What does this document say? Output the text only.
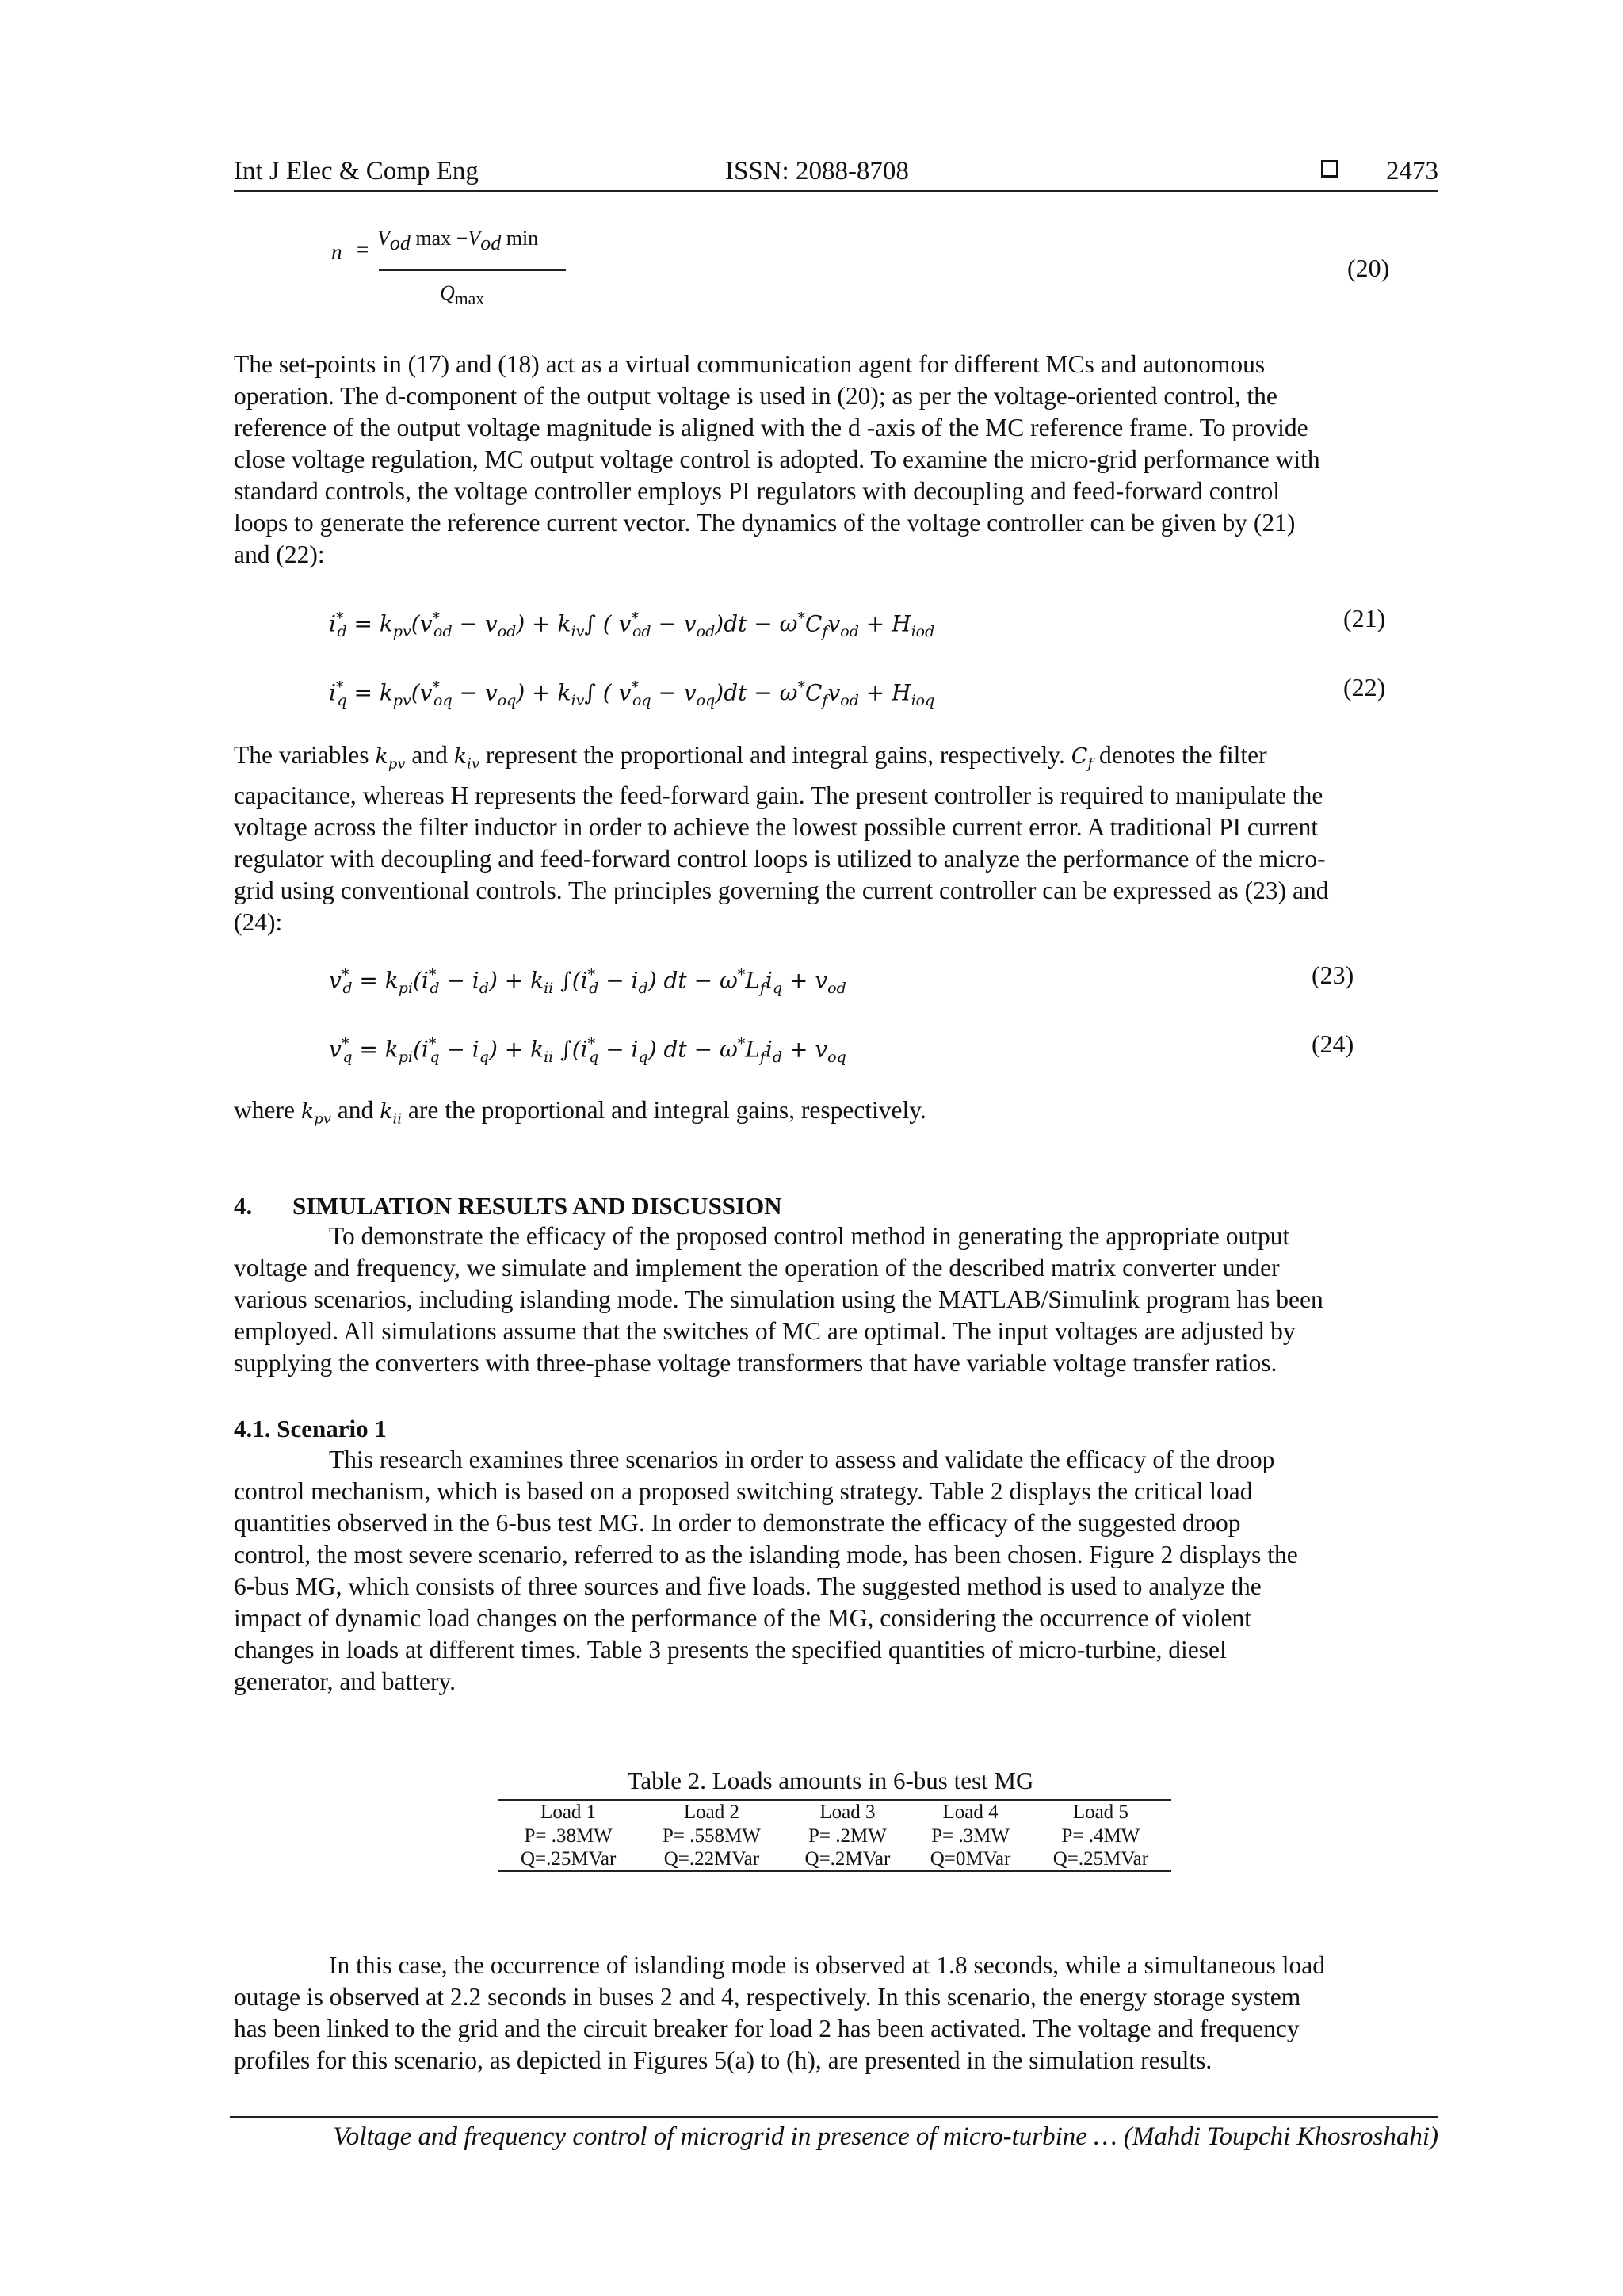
Int J Elec & Comp Eng	ISSN: 2088-8708	2473
$n = V_{od}$ $\max -V_{od}$ min
$Q_{max}$
(20)
The set-points in (17) and (18) act as a virtual communication agent for different MCs and autonomous
operation. The d-component of the output voltage is used in (20); as per the voltage-oriented control, the
reference of the output voltage magnitude is aligned with the d -axis of the MC reference frame. To provide
close voltage regulation, MC output voltage control is adopted. To examine the micro-grid performance with
standard controls, the voltage controller employs PI regulators with decoupling and feed-forward control
loops to generate the reference current vector. The dynamics of the voltage controller can be given by (21)
and (22):
$i^*_d = k_{pv}(v^*_{od} - v_{od}) + k_{iv}\int$ ( $v^*_{od} - v_{od})dt - \omega^*C_fv_{od} + H_{iod}$	(21)
$i^*_q = k_{pv}(v^*_{oq} - v_{oq}) + k_{iv}\int$ ( $v^*_{oq} - v_{oq})dt - \omega^*C_fv_{od} + H_{ioq}$	(22)
The variables $k_{pv}$ and $k_{iv}$ represent the proportional and integral gains, respectively. $C_f$ denotes the filter
capacitance, whereas H represents the feed-forward gain. The present controller is required to manipulate the
voltage across the filter inductor in order to achieve the lowest possible current error. A traditional PI current
regulator with decoupling and feed-forward control loops is utilized to analyze the performance of the micro-
grid using conventional controls. The principles governing the current controller can be expressed as (23) and
(24):
$v^*_d = k_{pi}(i^*_d - i_d) + k_{ii}$ $\int(i^*_d - i_d)$ dt − $\omega^*L_fi_q + v_{od}$	(23)
$v^*_q = k_{pi}(i^*_q - i_q) + k_{ii}$ $\int(i^*_q - i_q)$ dt − $\omega^*L_fi_d + v_{oq}$	(24)
where $k_{pv}$ and $k_{ii}$ are the proportional and integral gains, respectively.
4. SIMULATION RESULTS AND DISCUSSION
To demonstrate the efficacy of the proposed control method in generating the appropriate output
voltage and frequency, we simulate and implement the operation of the described matrix converter under
various scenarios, including islanding mode. The simulation using the MATLAB/Simulink program has been
employed. All simulations assume that the switches of MC are optimal. The input voltages are adjusted by
supplying the converters with three-phase voltage transformers that have variable voltage transfer ratios.
4.1. Scenario 1
This research examines three scenarios in order to assess and validate the efficacy of the droop
control mechanism, which is based on a proposed switching strategy. Table 2 displays the critical load
quantities observed in the 6-bus test MG. In order to demonstrate the efficacy of the suggested droop
control, the most severe scenario, referred to as the islanding mode, has been chosen. Figure 2 displays the
6-bus MG, which consists of three sources and five loads. The suggested method is used to analyze the
impact of dynamic load changes on the performance of the MG, considering the occurrence of violent
changes in loads at different times. Table 3 presents the specified quantities of micro-turbine, diesel
generator, and battery.
Table 2. Loads amounts in 6-bus test MG
Load 1	Load 2	Load 3	Load 4	Load 5
P= .38MW	P= .558MW	P= .2MW	P= .3MW	P= .4MW
Q=.25MVar	Q=.22MVar	Q=.2MVar	Q=0MVar	Q=.25MVar
In this case, the occurrence of islanding mode is observed at 1.8 seconds, while a simultaneous load
outage is observed at 2.2 seconds in buses 2 and 4, respectively. In this scenario, the energy storage system
has been linked to the grid and the circuit breaker for load 2 has been activated. The voltage and frequency
profiles for this scenario, as depicted in Figures 5(a) to (h), are presented in the simulation results.
Voltage and frequency control of microgrid in presence of micro-turbine … (Mahdi Toupchi Khosroshahi)
